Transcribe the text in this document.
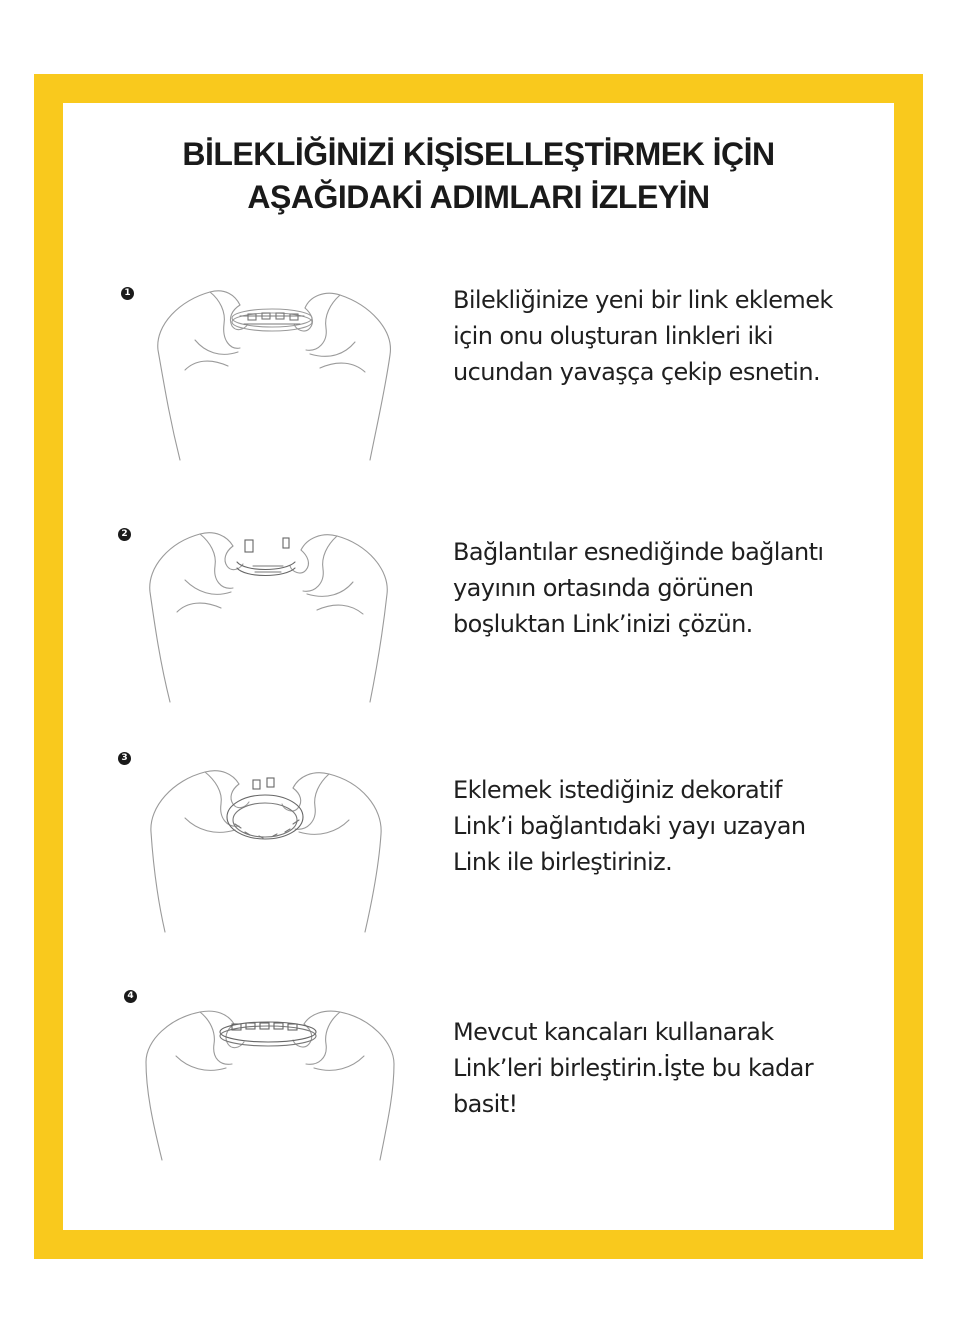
BİLEKLİĞİNİZİ KİŞİSELLEŞTİRMEK İÇİN
AŞAĞIDAKİ ADIMLARI İZLEYİN
1	Bilekliğinize yeni bir link eklemek
için onu oluşturan linkleri iki
ucundan yavaşça çekip esnetin.
2
Bağlantılar esnediğinde bağlantı
yayının ortasında görünen
boşluktan Link’inizi çözün.
3
Eklemek istediğiniz dekoratif
Link’i bağlantıdaki yayı uzayan
Link ile birleştiriniz.
4
Mevcut kancaları kullanarak
Link’leri birleştirin.İşte bu kadar
basit!
